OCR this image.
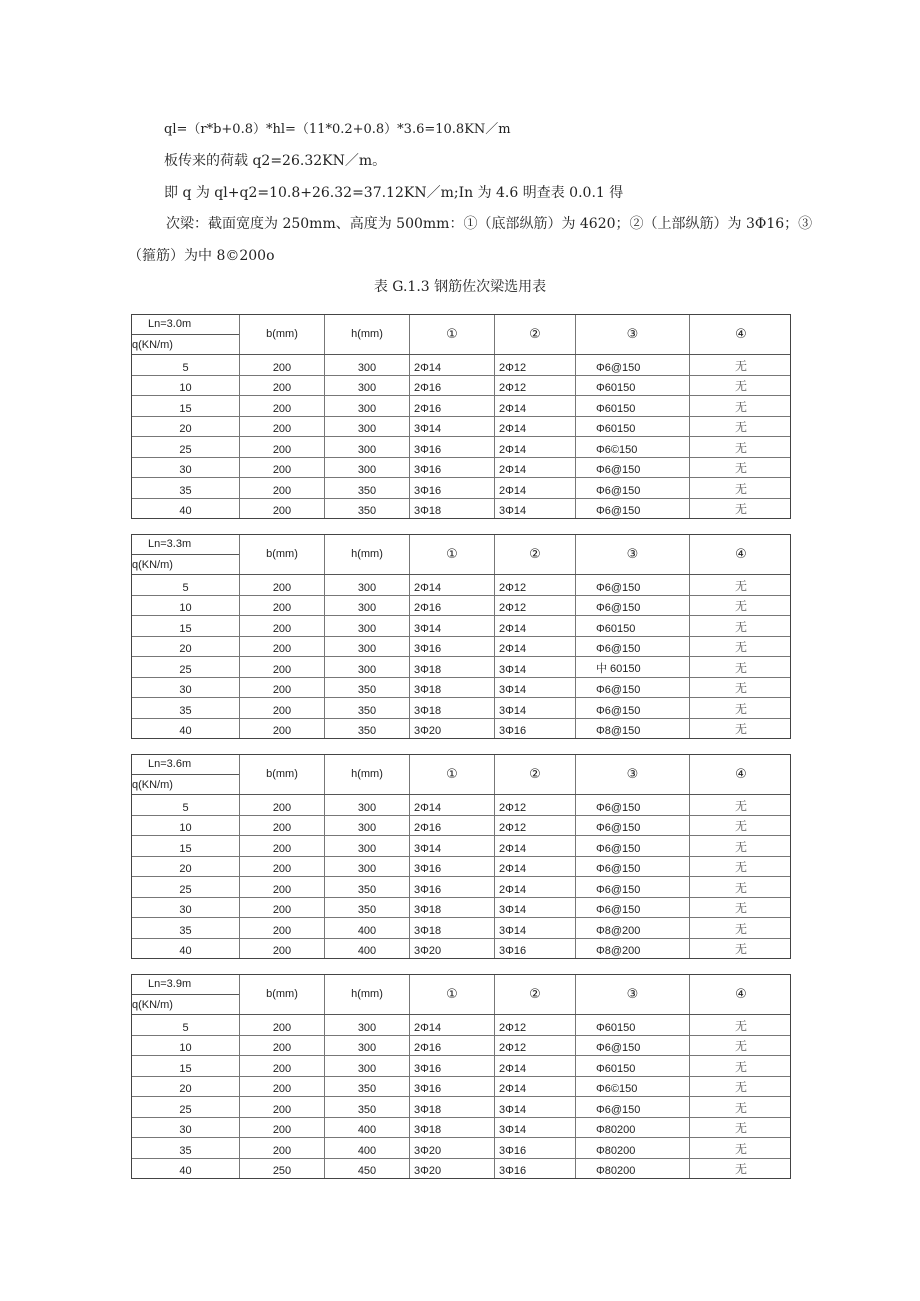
ql=（r*b+0.8）*hl=（11*0.2+0.8）*3.6=10.8KN／m
板传来的荷载 q2=26.32KN／m。
即 q 为 ql+q2=10.8+26.32=37.12KN／m;In 为 4.6 明查表 0.0.1 得
次梁：截面宽度为 250mm、高度为 500mm：①（底部纵筋）为 4620；②（上部纵筋）为 3Φ16；③
（箍筋）为中 8©200o
表 G.1.3 钢筋佐次梁选用表
Ln=3.0m
q(KN/m)
b(mm)	h(mm)	①	②	③	④
5	200	300	2Φ14	2Φ12	Φ6@150	无
10	200	300	2Φ16	2Φ12	Φ60150	无
15	200	300	2Φ16	2Φ14	Φ60150	无
20	200	300	3Φ14	2Φ14	Φ60150	无
25	200	300	3Φ16	2Φ14	Φ6©150	无
30	200	300	3Φ16	2Φ14	Φ6@150	无
35	200	350	3Φ16	2Φ14	Φ6@150	无
40	200	350	3Φ18	3Φ14	Φ6@150	无
Ln=3.3m
q(KN/m)
b(mm)	h(mm)	①	②	③	④
5	200	300	2Φ14	2Φ12	Φ6@150	无
10	200	300	2Φ16	2Φ12	Φ6@150	无
15	200	300	3Φ14	2Φ14	Φ60150	无
20	200	300	3Φ16	2Φ14	Φ6@150	无
25	200	300	3Φ18	3Φ14	中 60150	无
30	200	350	3Φ18	3Φ14	Φ6@150	无
35	200	350	3Φ18	3Φ14	Φ6@150	无
40	200	350	3Φ20	3Φ16	Φ8@150	无
Ln=3.6m
q(KN/m)
b(mm)	h(mm)	①	②	③	④
5	200	300	2Φ14	2Φ12	Φ6@150	无
10	200	300	2Φ16	2Φ12	Φ6@150	无
15	200	300	3Φ14	2Φ14	Φ6@150	无
20	200	300	3Φ16	2Φ14	Φ6@150	无
25	200	350	3Φ16	2Φ14	Φ6@150	无
30	200	350	3Φ18	3Φ14	Φ6@150	无
35	200	400	3Φ18	3Φ14	Φ8@200	无
40	200	400	3Φ20	3Φ16	Φ8@200	无
Ln=3.9m
q(KN/m)
b(mm)	h(mm)	①	②	③	④
5	200	300	2Φ14	2Φ12	Φ60150	无
10	200	300	2Φ16	2Φ12	Φ6@150	无
15	200	300	3Φ16	2Φ14	Φ60150	无
20	200	350	3Φ16	2Φ14	Φ6©150	无
25	200	350	3Φ18	3Φ14	Φ6@150	无
30	200	400	3Φ18	3Φ14	Φ80200	无
35	200	400	3Φ20	3Φ16	Φ80200	无
40	250	450	3Φ20	3Φ16	Φ80200	无
